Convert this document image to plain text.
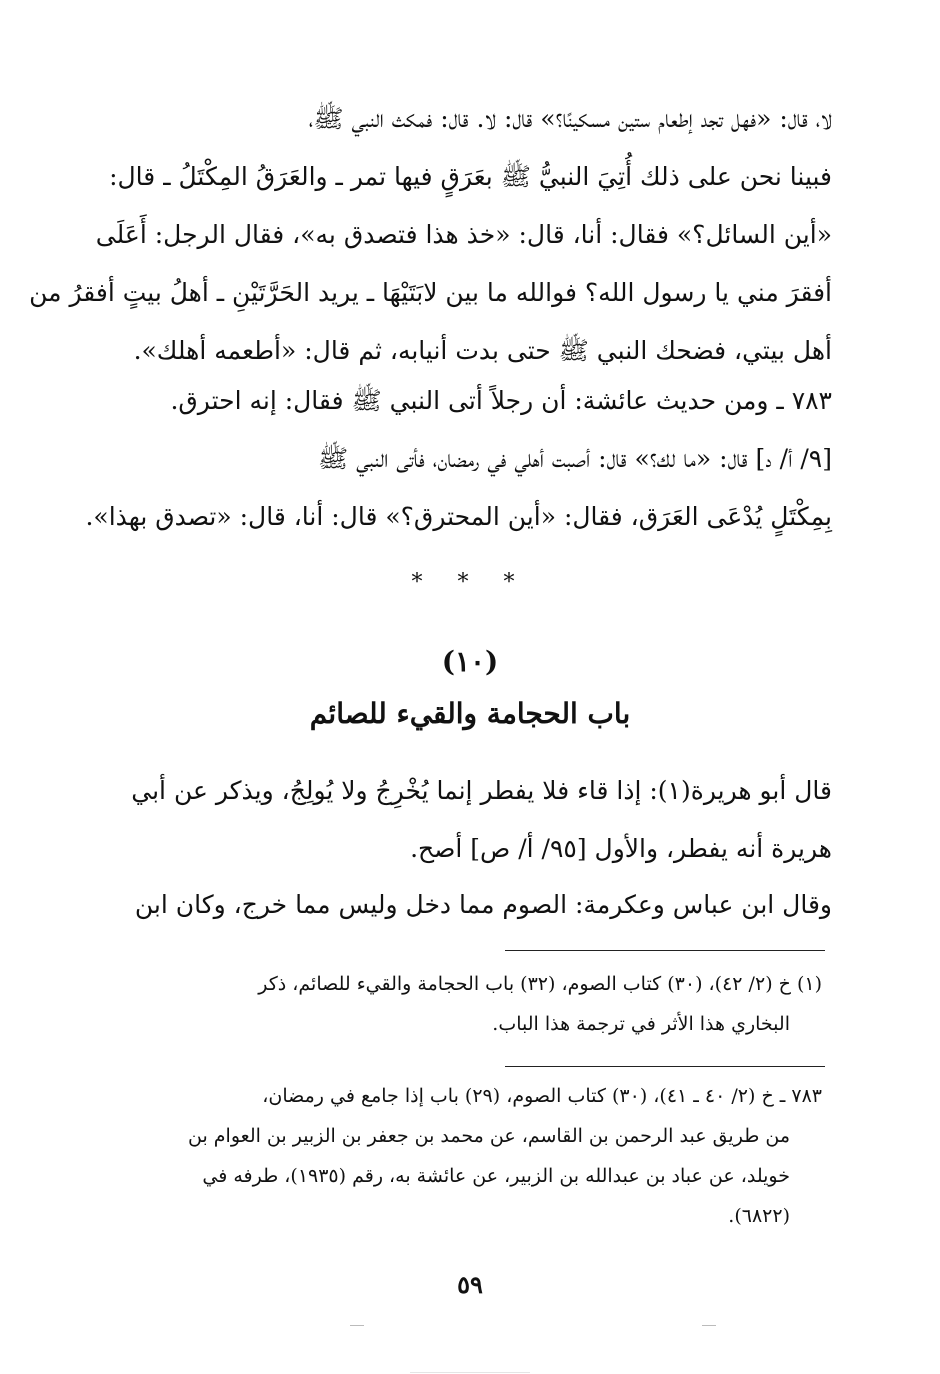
لا، قال: «فهل تجد إطعام ستين مسكينًا؟» قال: لا. قال: فمكث النبي ﷺ،

فبينا نحن على ذلك أُتِيَ النبيُّ ﷺ بعَرَقٍ فيها تمر ـ والعَرَقُ المِكْتَلُ ـ قال:

«أين السائل؟» فقال: أنا، قال: «خذ هذا فتصدق به»، فقال الرجل: أَعَلَى

أفقرَ مني يا رسول الله؟ فوالله ما بين لابَتَيْهَا ـ يريد الحَرَّتَيْنِ ـ أهلُ بيتٍ أفقرُ من

أهل بيتي، فضحك النبي ﷺ حتى بدت أنيابه، ثم قال: «أطعمه أهلك».

٧٨٣ ـ ومن حديث عائشة: أن رجلاً أتى النبي ﷺ فقال: إنه احترق.

[٩/ أ/ د] قال: «ما لك؟» قال: أصبت أهلي في رمضان، فأتى النبي ﷺ

بِمِكْتَلٍ يُدْعَى العَرَق، فقال: «أين المحترق؟» قال: أنا، قال: «تصدق بهذا».

* * *
(١٠)
باب الحجامة والقيء للصائم

قال أبو هريرة(١): إذا قاء فلا يفطر إنما يُخْرِجُ ولا يُولِجُ، ويذكر عن أبي

هريرة أنه يفطر، والأول [٩٥/ أ/ ص] أصح.

وقال ابن عباس وعكرمة: الصوم مما دخل وليس مما خرج، وكان ابن

(١) خ (٢/ ٤٢)، (٣٠) كتاب الصوم، (٣٢) باب الحجامة والقيء للصائم، ذكر

البخاري هذا الأثر في ترجمة هذا الباب.

٧٨٣ ـ خ (٢/ ٤٠ ـ ٤١)، (٣٠) كتاب الصوم، (٢٩) باب إذا جامع في رمضان،

من طريق عبد الرحمن بن القاسم، عن محمد بن جعفر بن الزبير بن العوام بن

خويلد، عن عباد بن عبدالله بن الزبير، عن عائشة به، رقم (١٩٣٥)، طرفه في

(٦٨٢٢).

٥٩
